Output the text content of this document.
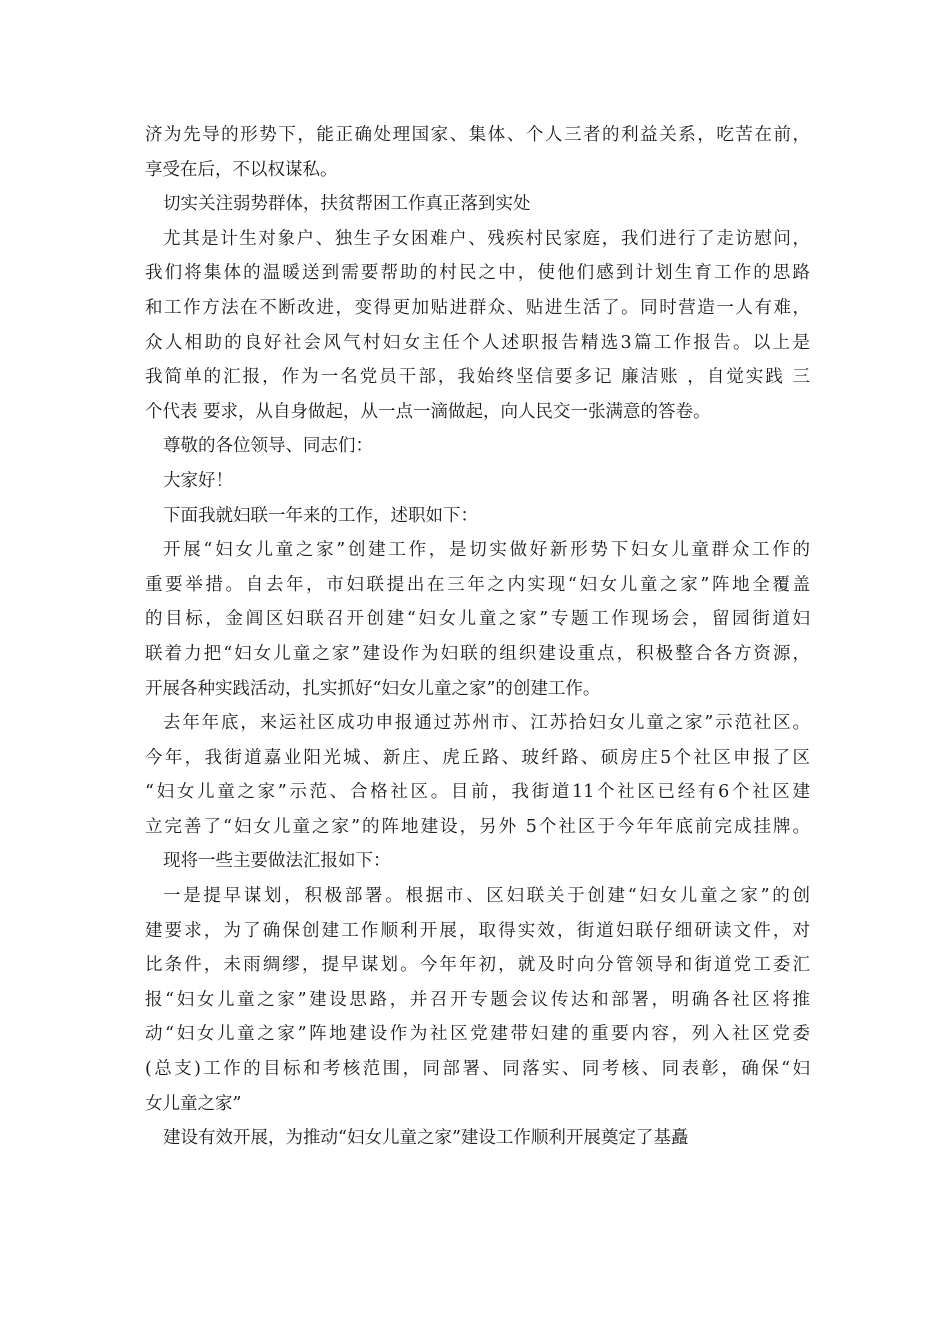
济为先导的形势下，能正确处理国家、集体、个人三者的利益关系，吃苦在前，
享受在后，不以权谋私。
切实关注弱势群体，扶贫帮困工作真正落到实处
尤其是计生对象户、独生子女困难户、残疾村民家庭，我们进行了走访慰问，
我们将集体的温暖送到需要帮助的村民之中，使他们感到计划生育工作的思路
和工作方法在不断改进，变得更加贴进群众、贴进生活了。同时营造一人有难，
众人相助的良好社会风气村妇女主任个人述职报告精选3篇工作报告。以上是
我简单的汇报，作为一名党员干部，我始终坚信要多记 廉洁账 ，自觉实践 三
个代表 要求，从自身做起，从一点一滴做起，向人民交一张满意的答卷。
尊敬的各位领导、同志们：
大家好！
下面我就妇联一年来的工作，述职如下：
开展“妇女儿童之家”创建工作，是切实做好新形势下妇女儿童群众工作的
重要举措。自去年，市妇联提出在三年之内实现“妇女儿童之家”阵地全覆盖
的目标，金阊区妇联召开创建“妇女儿童之家”专题工作现场会，留园街道妇
联着力把“妇女儿童之家”建设作为妇联的组织建设重点，积极整合各方资源，
开展各种实践活动，扎实抓好“妇女儿童之家”的创建工作。
去年年底，来运社区成功申报通过苏州市、江苏拾妇女儿童之家”示范社区。
今年，我街道嘉业阳光城、新庄、虎丘路、玻纤路、硕房庄5个社区申报了区
“妇女儿童之家”示范、合格社区。目前，我街道11个社区已经有6个社区建
立完善了“妇女儿童之家”的阵地建设，另外 5个社区于今年年底前完成挂牌。
现将一些主要做法汇报如下：
一是提早谋划，积极部署。根据市、区妇联关于创建“妇女儿童之家”的创
建要求，为了确保创建工作顺利开展，取得实效，街道妇联仔细研读文件，对
比条件，未雨绸缪，提早谋划。今年年初，就及时向分管领导和街道党工委汇
报“妇女儿童之家”建设思路，并召开专题会议传达和部署，明确各社区将推
动“妇女儿童之家”阵地建设作为社区党建带妇建的重要内容，列入社区党委
(总支)工作的目标和考核范围，同部署、同落实、同考核、同表彰，确保“妇
女儿童之家”
建设有效开展，为推动“妇女儿童之家”建设工作顺利开展奠定了基矗
